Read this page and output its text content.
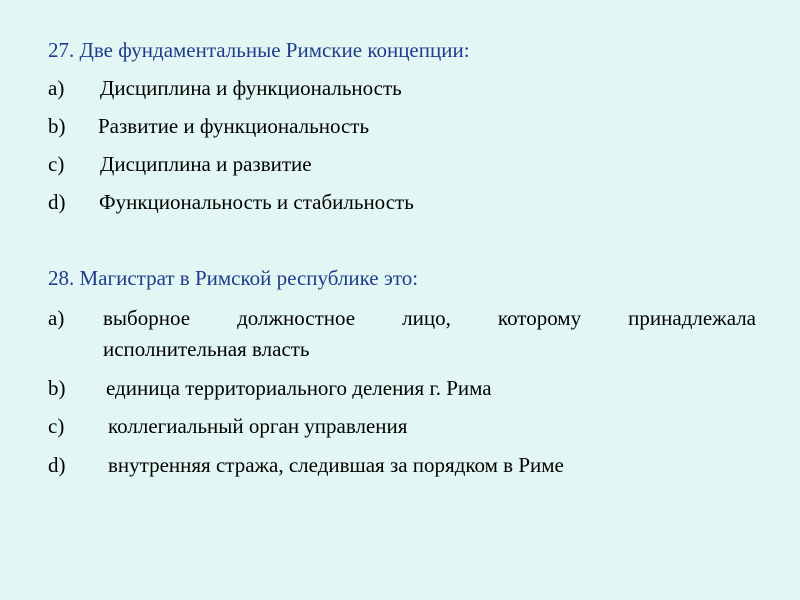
27. Две фундаментальные Римские концепции:
a) Дисциплина и функциональность
b) Развитие и функциональность
c) Дисциплина и развитие
d) Функциональность и стабильность
28. Магистрат в Римской республике это:
a) выборное должностное лицо, которому принадлежала
исполнительная власть
b) единица территориального деления г. Рима
c) коллегиальный орган управления
d) внутренняя стража, следившая за порядком в Риме
